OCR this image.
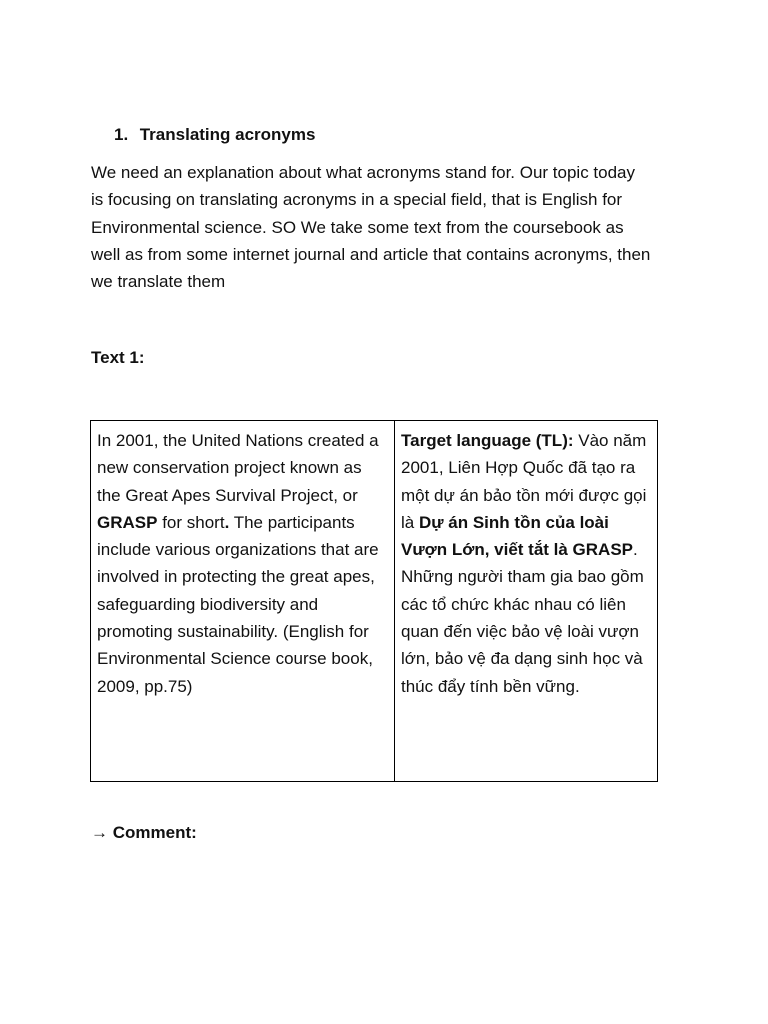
1. Translating acronyms
We need an explanation about what acronyms stand for. Our topic today is focusing on translating acronyms in a special field, that is English for Environmental science. SO We take some text from the coursebook as well as from some internet journal and article that contains acronyms, then we translate them
Text 1:
In 2001, the United Nations created a new conservation project known as the Great Apes Survival Project, or GRASP for short. The participants include various organizations that are involved in protecting the great apes, safeguarding biodiversity and promoting sustainability. (English for Environmental Science course book, 2009, pp.75)	Target language (TL): Vào năm 2001, Liên Hợp Quốc đã tạo ra một dự án bảo tồn mới được gọi là Dự án Sinh tồn của loài Vượn Lớn, viết tắt là GRASP. Những người tham gia bao gồm các tổ chức khác nhau có liên quan đến việc bảo vệ loài vượn lớn, bảo vệ đa dạng sinh học và thúc đẩy tính bền vững.
→ Comment:
